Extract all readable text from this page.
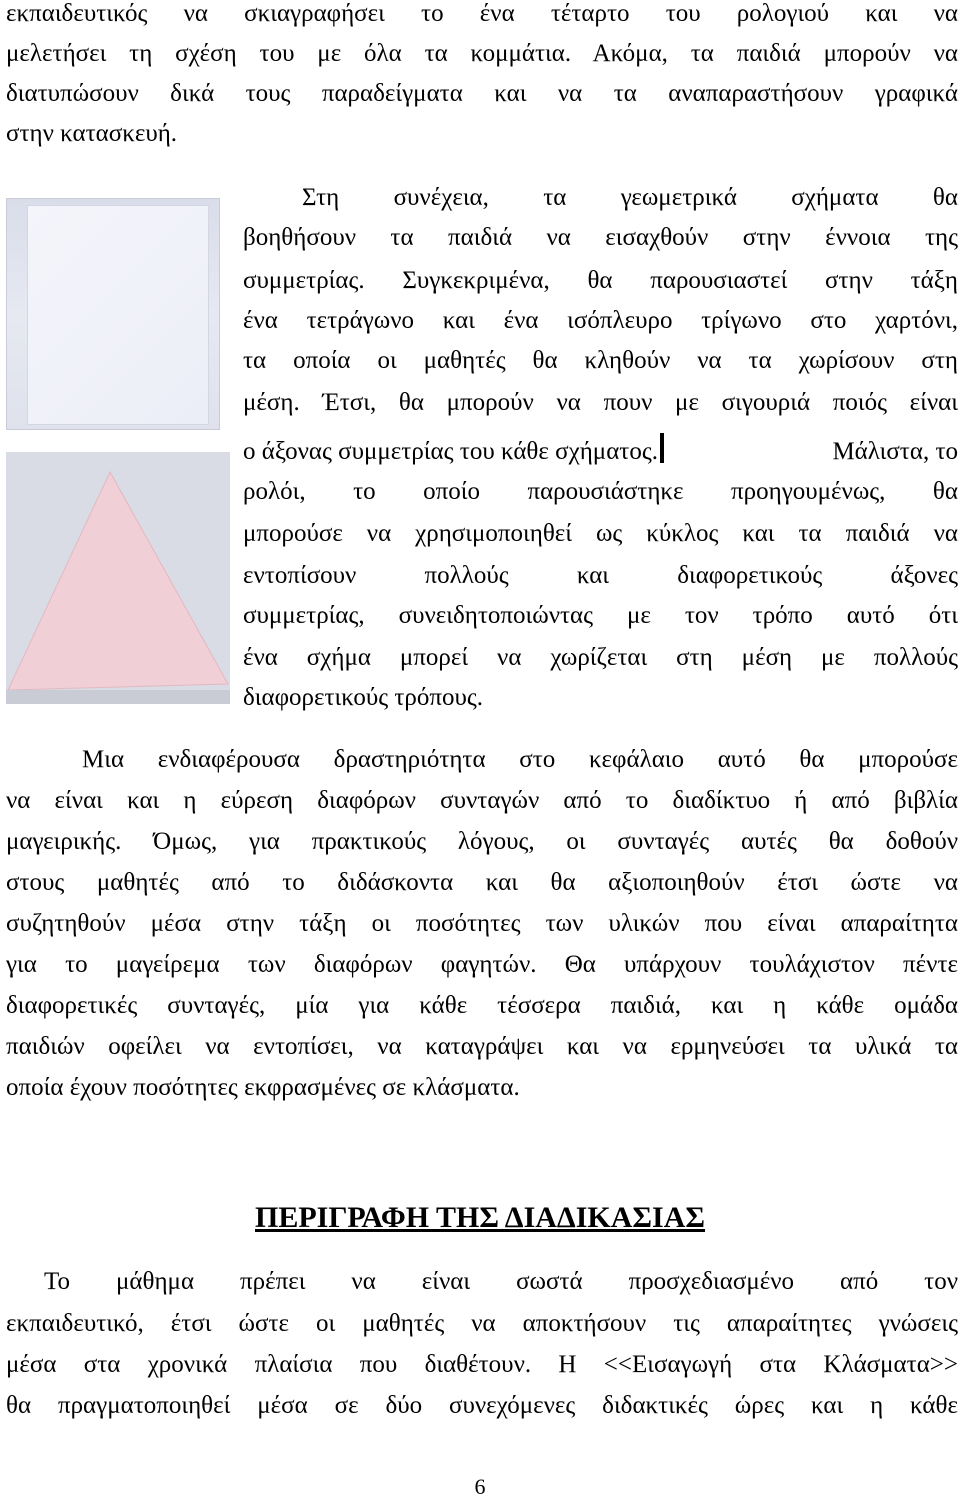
εκπαιδευτικός να σκιαγραφήσει το ένα τέταρτο του ρολογιού και να
μελετήσει τη σχέση του με όλα τα κομμάτια. Ακόμα, τα παιδιά μπορούν να
διατυπώσουν δικά τους παραδείγματα και να τα αναπαραστήσουν γραφικά
στην κατασκευή.
Στη συνέχεια, τα γεωμετρικά σχήματα θα
βοηθήσουν τα παιδιά να εισαχθούν στην έννοια της
συμμετρίας. Συγκεκριμένα, θα παρουσιαστεί στην τάξη
ένα τετράγωνο και ένα ισόπλευρο τρίγωνο στο χαρτόνι,
τα οποία οι μαθητές θα κληθούν να τα χωρίσουν στη
μέση. Έτσι, θα μπορούν να πουν με σιγουριά ποιός είναι
ο άξονας συμμετρίας του κάθε σχήματος.	Μάλιστα, το
ρολόι, το οποίο παρουσιάστηκε προηγουμένως, θα
μπορούσε να χρησιμοποιηθεί ως κύκλος και τα παιδιά να
εντοπίσουν πολλούς και διαφορετικούς άξονες
συμμετρίας, συνειδητοποιώντας με τον τρόπο αυτό ότι
ένα σχήμα μπορεί να χωρίζεται στη μέση με πολλούς
διαφορετικούς τρόπους.
Μια ενδιαφέρουσα δραστηριότητα στο κεφάλαιο αυτό θα μπορούσε
να είναι και η εύρεση διαφόρων συνταγών από το διαδίκτυο ή από βιβλία
μαγειρικής. Όμως, για πρακτικούς λόγους, οι συνταγές αυτές θα δοθούν
στους μαθητές από το διδάσκοντα και θα αξιοποιηθούν έτσι ώστε να
συζητηθούν μέσα στην τάξη οι ποσότητες των υλικών που είναι απαραίτητα
για το μαγείρεμα των διαφόρων φαγητών. Θα υπάρχουν τουλάχιστον πέντε
διαφορετικές συνταγές, μία για κάθε τέσσερα παιδιά, και η κάθε ομάδα
παιδιών οφείλει να εντοπίσει, να καταγράψει και να ερμηνεύσει τα υλικά τα
οποία έχουν ποσότητες εκφρασμένες σε κλάσματα.
ΠΕΡΙΓΡΑΦΗ ΤΗΣ ΔΙΑΔΙΚΑΣΙΑΣ
Το μάθημα πρέπει να είναι σωστά προσχεδιασμένο από τον
εκπαιδευτικό, έτσι ώστε οι μαθητές να αποκτήσουν τις απαραίτητες γνώσεις
μέσα στα χρονικά πλαίσια που διαθέτουν. Η <<Εισαγωγή στα Κλάσματα>>
θα πραγματοποιηθεί μέσα σε δύο συνεχόμενες διδακτικές ώρες και η κάθε
6
